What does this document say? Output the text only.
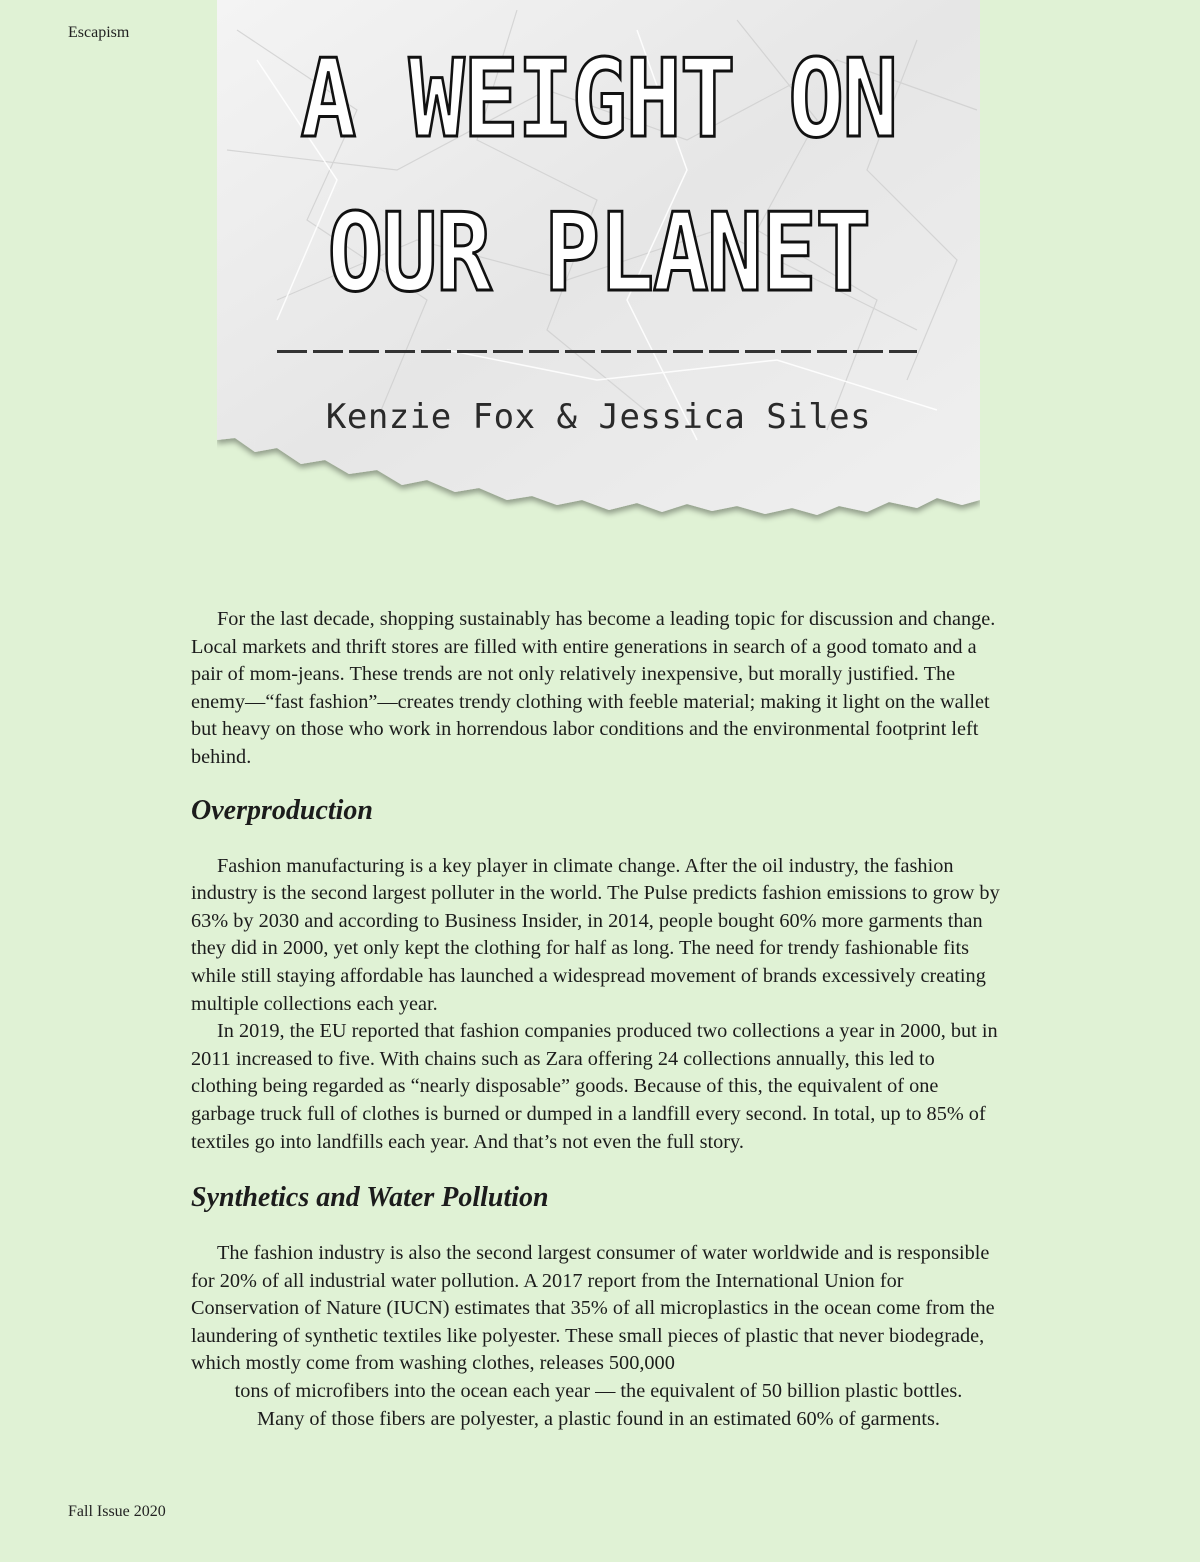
Escapism
A WEIGHT ON
OUR PLANET
Kenzie Fox & Jessica Siles

For the last decade, shopping sustainably has become a leading topic for discussion and change. Local markets and thrift stores are filled with entire generations in search of a good tomato and a pair of mom-jeans. These trends are not only relatively inexpensive, but morally justified. The enemy—“fast fashion”—creates trendy clothing with feeble material; making it light on the wallet but heavy on those who work in horrendous labor conditions and the environmental footprint left behind.

Overproduction

Fashion manufacturing is a key player in climate change. After the oil industry, the fashion industry is the second largest polluter in the world. The Pulse predicts fashion emissions to grow by 63% by 2030 and according to Business Insider, in 2014, people bought 60% more garments than they did in 2000, yet only kept the clothing for half as long. The need for trendy fashionable fits while still staying affordable has launched a widespread movement of brands excessively creating multiple collections each year.

In 2019, the EU reported that fashion companies produced two collections a year in 2000, but in 2011 increased to five. With chains such as Zara offering 24 collections annually, this led to clothing being regarded as “nearly disposable” goods. Because of this, the equivalent of one garbage truck full of clothes is burned or dumped in a landfill every second. In total, up to 85% of textiles go into landfills each year. And that’s not even the full story.

Synthetics and Water Pollution

The fashion industry is also the second largest consumer of water worldwide and is responsible for 20% of all industrial water pollution. A 2017 report from the International Union for Conservation of Nature (IUCN) estimates that 35% of all microplastics in the ocean come from the laundering of synthetic textiles like polyester. These small pieces of plastic that never biodegrade, which mostly come from washing clothes, releases 500,000

tons of microfibers into the ocean each year — the equivalent of 50 billion plastic bottles.

Many of those fibers are polyester, a plastic found in an estimated 60% of garments.

Fall Issue 2020
